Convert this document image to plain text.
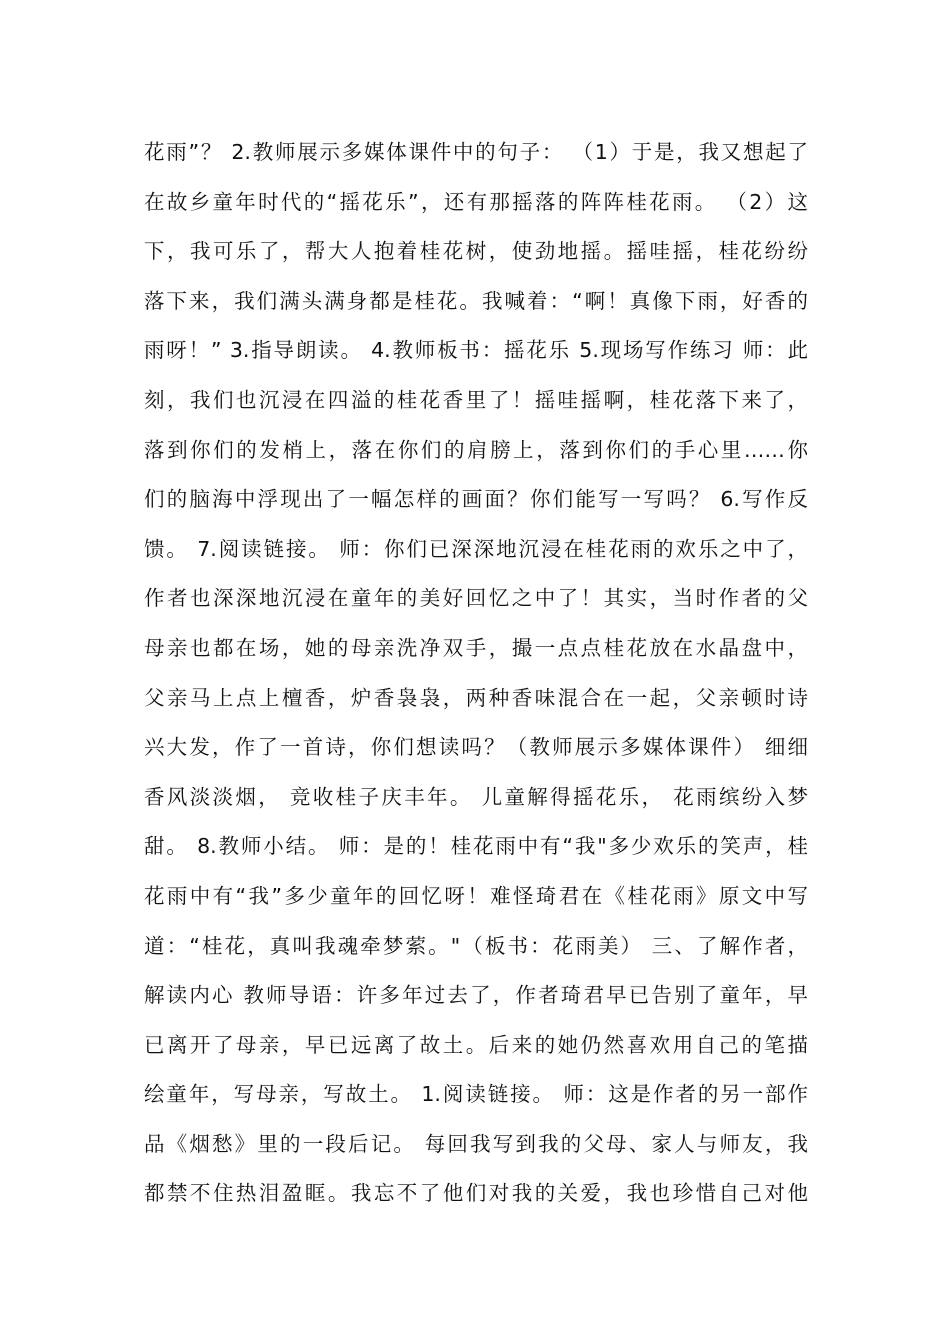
花雨”？ 2.教师展示多媒体课件中的句子： （1）于是，我又想起了
在故乡童年时代的“摇花乐”，还有那摇落的阵阵桂花雨。 （2）这
下，我可乐了，帮大人抱着桂花树，使劲地摇。摇哇摇，桂花纷纷
落下来，我们满头满身都是桂花。我喊着：“啊！真像下雨，好香的
雨呀！” 3.指导朗读。 4.教师板书：摇花乐 5.现场写作练习 师：此
刻，我们也沉浸在四溢的桂花香里了！摇哇摇啊，桂花落下来了，
落到你们的发梢上，落在你们的肩膀上，落到你们的手心里……你
们的脑海中浮现出了一幅怎样的画面？你们能写一写吗？ 6.写作反
馈。 7.阅读链接。 师：你们已深深地沉浸在桂花雨的欢乐之中了，
作者也深深地沉浸在童年的美好回忆之中了！其实，当时作者的父
母亲也都在场，她的母亲洗净双手，撮一点点桂花放在水晶盘中，
父亲马上点上檀香，炉香袅袅，两种香味混合在一起，父亲顿时诗
兴大发，作了一首诗，你们想读吗？（教师展示多媒体课件） 细细
香风淡淡烟， 竞收桂子庆丰年。 儿童解得摇花乐， 花雨缤纷入梦
甜。 8.教师小结。 师：是的！桂花雨中有“我"多少欢乐的笑声，桂
花雨中有“我”多少童年的回忆呀！难怪琦君在《桂花雨》原文中写
道：“桂花，真叫我魂牵梦萦。"（板书：花雨美） 三、了解作者，
解读内心 教师导语：许多年过去了，作者琦君早已告别了童年，早
已离开了母亲，早已远离了故土。后来的她仍然喜欢用自己的笔描
绘童年，写母亲，写故土。 1.阅读链接。 师：这是作者的另一部作
品《烟愁》里的一段后记。 每回我写到我的父母、家人与师友，我
都禁不住热泪盈眶。我忘不了他们对我的关爱，我也珍惜自己对他
